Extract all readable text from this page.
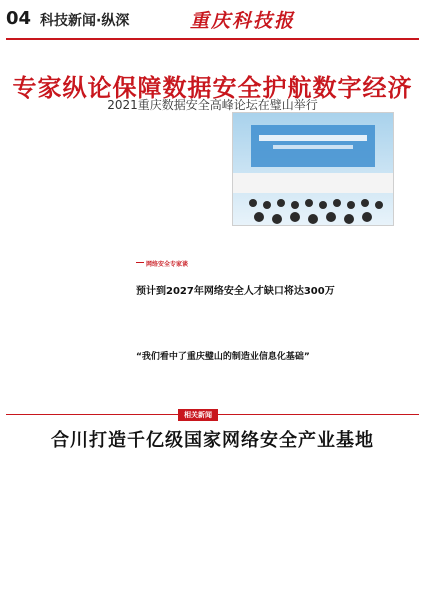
04 科技新闻·纵深	重庆科技报
专家纵论保障数据安全护航数字经济
2021重庆数据安全高峰论坛在璧山举行
网络安全专家谈
预计到2027年网络安全人才缺口将达300万
“我们看中了重庆璧山的制造业信息化基础”
相关新闻
合川打造千亿级国家网络安全产业基地
